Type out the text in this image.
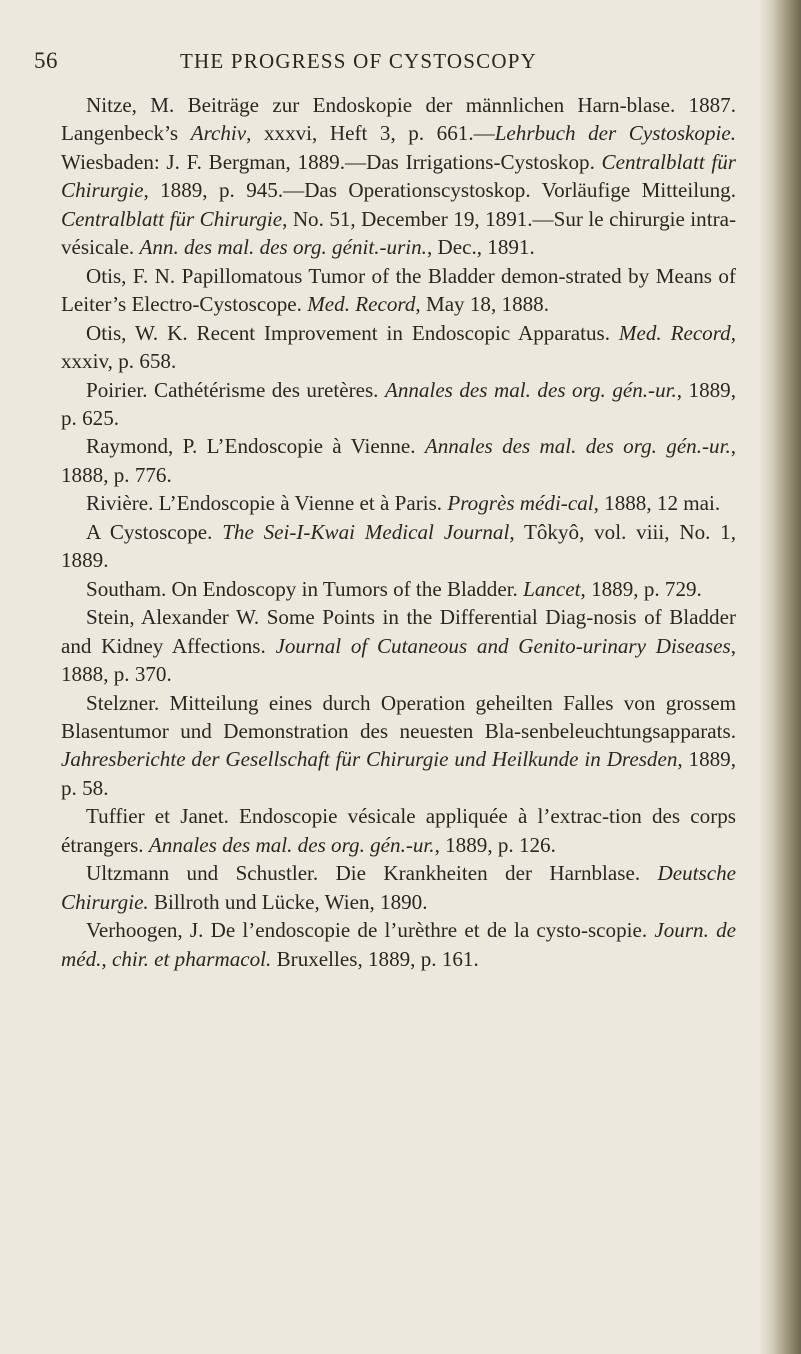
56	THE PROGRESS OF CYSTOSCOPY

Nitze, M. Beiträge zur Endoskopie der männlichen Harn-blase. 1887. Langenbeck’s Archiv, xxxvi, Heft 3, p. 661.—Lehrbuch der Cystoskopie. Wiesbaden: J. F. Bergman, 1889.—Das Irrigations-Cystoskop. Centralblatt für Chirurgie, 1889, p. 945.—Das Operationscystoskop. Vorläufige Mitteilung. Centralblatt für Chirurgie, No. 51, December 19, 1891.—Sur le chirurgie intra-vésicale. Ann. des mal. des org. génit.-urin., Dec., 1891.

Otis, F. N. Papillomatous Tumor of the Bladder demon-strated by Means of Leiter’s Electro-Cystoscope. Med. Record, May 18, 1888.

Otis, W. K. Recent Improvement in Endoscopic Apparatus. Med. Record, xxxiv, p. 658.

Poirier. Cathétérisme des uretères. Annales des mal. des org. gén.-ur., 1889, p. 625.

Raymond, P. L’Endoscopie à Vienne. Annales des mal. des org. gén.-ur., 1888, p. 776.

Rivière. L’Endoscopie à Vienne et à Paris. Progrès médi-cal, 1888, 12 mai.

A Cystoscope. The Sei-I-Kwai Medical Journal, Tôkyô, vol. viii, No. 1, 1889.

Southam. On Endoscopy in Tumors of the Bladder. Lancet, 1889, p. 729.

Stein, Alexander W. Some Points in the Differential Diag-nosis of Bladder and Kidney Affections. Journal of Cutaneous and Genito-urinary Diseases, 1888, p. 370.

Stelzner. Mitteilung eines durch Operation geheilten Falles von grossem Blasentumor und Demonstration des neuesten Bla-senbeleuchtungsapparats. Jahresberichte der Gesellschaft für Chirurgie und Heilkunde in Dresden, 1889, p. 58.

Tuffier et Janet. Endoscopie vésicale appliquée à l’extrac-tion des corps étrangers. Annales des mal. des org. gén.-ur., 1889, p. 126.

Ultzmann und Schustler. Die Krankheiten der Harnblase. Deutsche Chirurgie. Billroth und Lücke, Wien, 1890.

Verhoogen, J. De l’endoscopie de l’urèthre et de la cysto-scopie. Journ. de méd., chir. et pharmacol. Bruxelles, 1889, p. 161.
